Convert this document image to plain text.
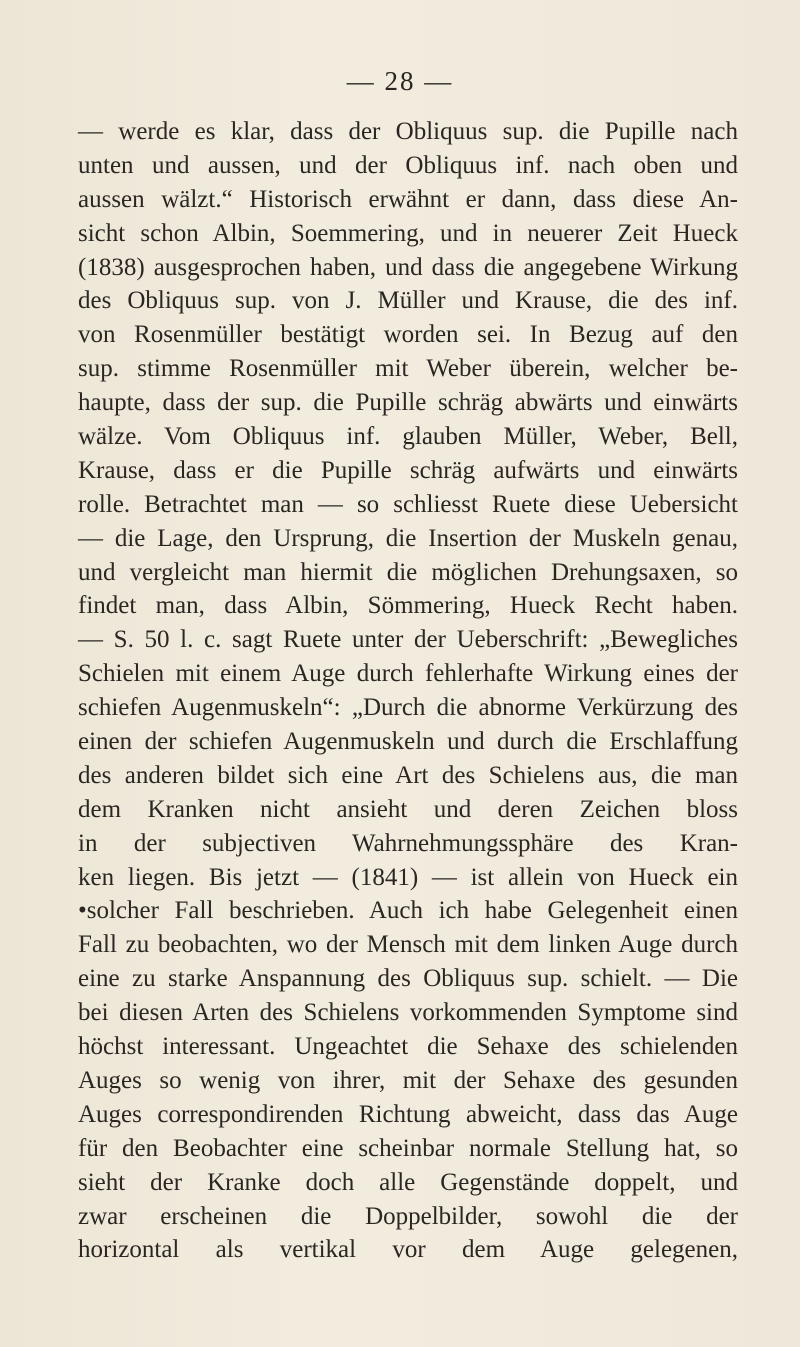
— 28 —
— werde es klar, dass der Obliquus sup. die Pupille nach
unten und aussen, und der Obliquus inf. nach oben und
aussen wälzt.“ Historisch erwähnt er dann, dass diese An-
sicht schon Albin, Soemmering, und in neuerer Zeit Hueck
(1838) ausgesprochen haben, und dass die angegebene Wirkung
des Obliquus sup. von J. Müller und Krause, die des inf.
von Rosenmüller bestätigt worden sei. In Bezug auf den
sup. stimme Rosenmüller mit Weber überein, welcher be-
haupte, dass der sup. die Pupille schräg abwärts und einwärts
wälze. Vom Obliquus inf. glauben Müller, Weber, Bell,
Krause, dass er die Pupille schräg aufwärts und einwärts
rolle. Betrachtet man — so schliesst Ruete diese Uebersicht
— die Lage, den Ursprung, die Insertion der Muskeln genau,
und vergleicht man hiermit die möglichen Drehungsaxen, so
findet man, dass Albin, Sömmering, Hueck Recht haben.
— S. 50 l. c. sagt Ruete unter der Ueberschrift: „Bewegliches
Schielen mit einem Auge durch fehlerhafte Wirkung eines der
schiefen Augenmuskeln“: „Durch die abnorme Verkürzung des
einen der schiefen Augenmuskeln und durch die Erschlaffung
des anderen bildet sich eine Art des Schielens aus, die man
dem Kranken nicht ansieht und deren Zeichen bloss
in der subjectiven Wahrnehmungssphäre des Kran-
ken liegen. Bis jetzt — (1841) — ist allein von Hueck ein
•solcher Fall beschrieben. Auch ich habe Gelegenheit einen
Fall zu beobachten, wo der Mensch mit dem linken Auge durch
eine zu starke Anspannung des Obliquus sup. schielt. — Die
bei diesen Arten des Schielens vorkommenden Symptome sind
höchst interessant. Ungeachtet die Sehaxe des schielenden
Auges so wenig von ihrer, mit der Sehaxe des gesunden
Auges correspondirenden Richtung abweicht, dass das Auge
für den Beobachter eine scheinbar normale Stellung hat, so
sieht der Kranke doch alle Gegenstände doppelt, und
zwar erscheinen die Doppelbilder, sowohl die der
horizontal als vertikal vor dem Auge gelegenen,
